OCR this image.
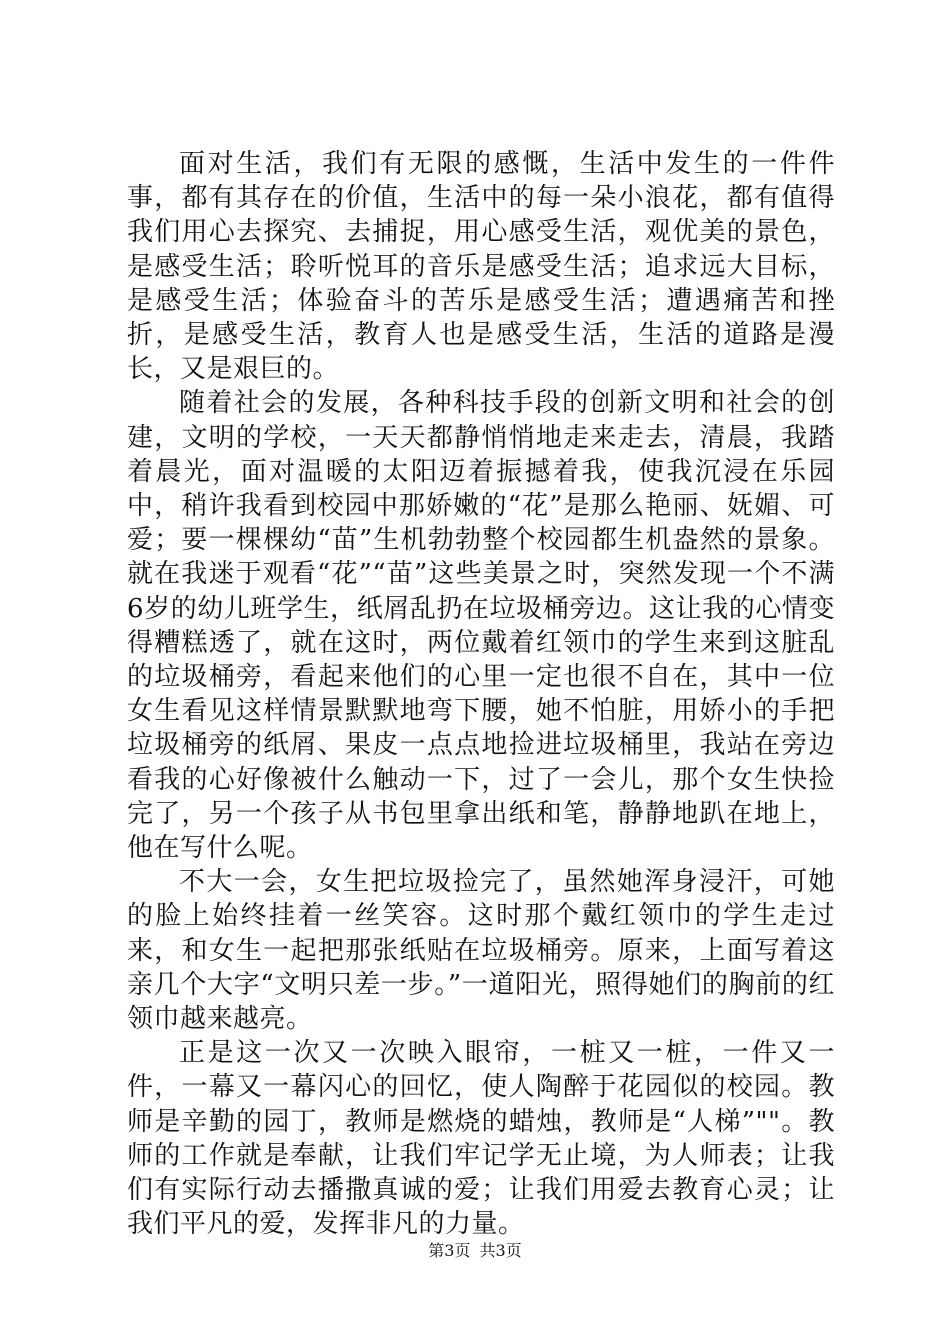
面对生活，我们有无限的感慨，生活中发生的一件件事，都有其存在的价值，生活中的每一朵小浪花，都有值得我们用心去探究、去捕捉，用心感受生活，观优美的景色，是感受生活；聆听悦耳的音乐是感受生活；追求远大目标，是感受生活；体验奋斗的苦乐是感受生活；遭遇痛苦和挫折，是感受生活，教育人也是感受生活，生活的道路是漫长，又是艰巨的。

随着社会的发展，各种科技手段的创新文明和社会的创建，文明的学校，一天天都静悄悄地走来走去，清晨，我踏着晨光，面对温暖的太阳迈着振撼着我，使我沉浸在乐园中，稍许我看到校园中那娇嫩的“花”是那么艳丽、妩媚、可爱；要一棵棵幼“苗”生机勃勃整个校园都生机盎然的景象。就在我迷于观看“花”“苗”这些美景之时，突然发现一个不满6岁的幼儿班学生，纸屑乱扔在垃圾桶旁边。这让我的心情变得糟糕透了，就在这时，两位戴着红领巾的学生来到这脏乱的垃圾桶旁，看起来他们的心里一定也很不自在，其中一位女生看见这样情景默默地弯下腰，她不怕脏，用娇小的手把垃圾桶旁的纸屑、果皮一点点地捡进垃圾桶里，我站在旁边看我的心好像被什么触动一下，过了一会儿，那个女生快捡完了，另一个孩子从书包里拿出纸和笔，静静地趴在地上，他在写什么呢。

不大一会，女生把垃圾捡完了，虽然她浑身浸汗，可她的脸上始终挂着一丝笑容。这时那个戴红领巾的学生走过来，和女生一起把那张纸贴在垃圾桶旁。原来，上面写着这亲几个大字“文明只差一步。”一道阳光，照得她们的胸前的红领巾越来越亮。

正是这一次又一次映入眼帘，一桩又一桩，一件又一件，一幕又一幕闪心的回忆，使人陶醉于花园似的校园。教师是辛勤的园丁，教师是燃烧的蜡烛，教师是“人梯”""。教师的工作就是奉献，让我们牢记学无止境，为人师表；让我们有实际行动去播撒真诚的爱；让我们用爱去教育心灵；让我们平凡的爱，发挥非凡的力量。

第3页 共3页
